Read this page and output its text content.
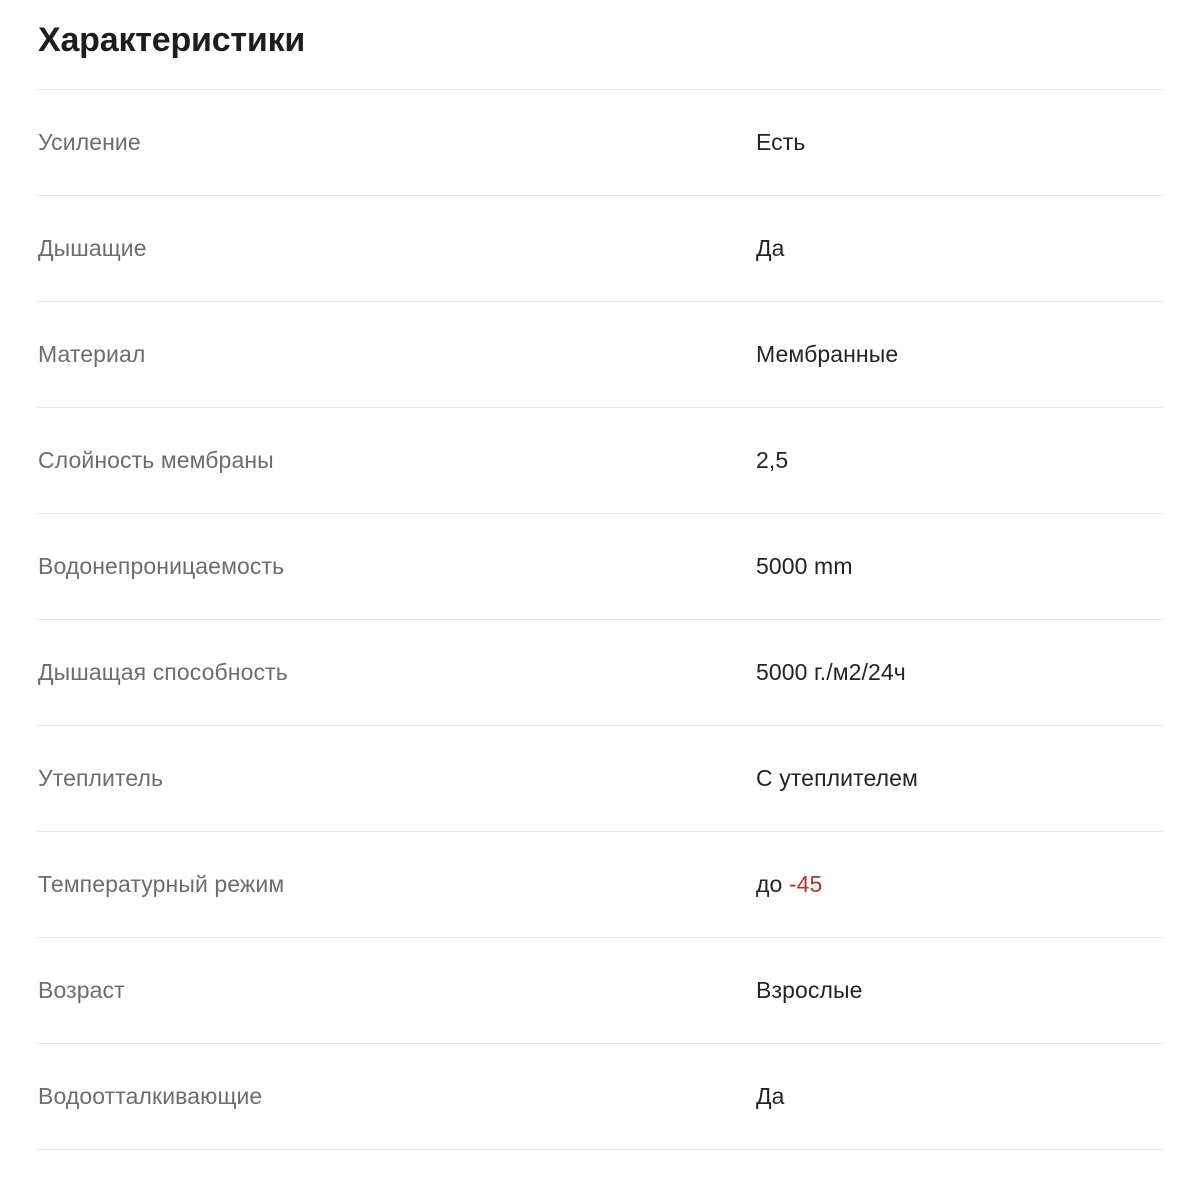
Характеристики
Усиление	Есть
Дышащие	Да
Материал	Мембранные
Слойность мембраны	2,5
Водонепроницаемость	5000 mm
Дышащая способность	5000 г./м2/24ч
Утеплитель	С утеплителем
Температурный режим	до -45
Возраст	Взрослые
Водоотталкивающие	Да
